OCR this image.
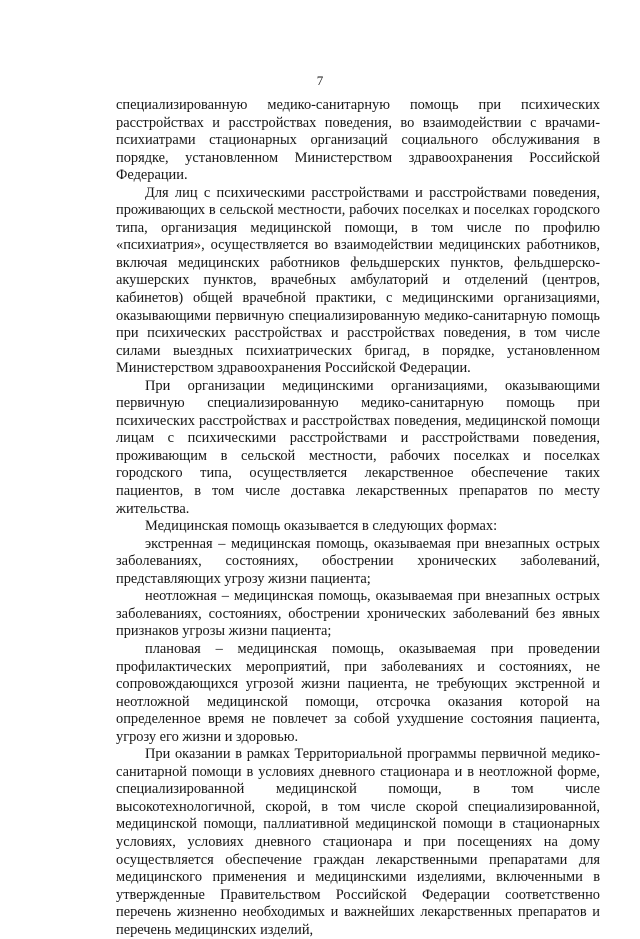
7

специализированную медико-санитарную помощь при психических расстройствах и расстройствах поведения, во взаимодействии с врачами-психиатрами стационарных организаций социального обслуживания в порядке, установленном Министерством здравоохранения Российской Федерации.

Для лиц с психическими расстройствами и расстройствами поведения, проживающих в сельской местности, рабочих поселках и поселках городского типа, организация медицинской помощи, в том числе по профилю «психиатрия», осуществляется во взаимодействии медицинских работников, включая медицинских работников фельдшерских пунктов, фельдшерско-акушерских пунктов, врачебных амбулаторий и отделений (центров, кабинетов) общей врачебной практики, с медицинскими организациями, оказывающими первичную специализированную медико-санитарную помощь при психических расстройствах и расстройствах поведения, в том числе силами выездных психиатрических бригад, в порядке, установленном Министерством здравоохранения Российской Федерации.

При организации медицинскими организациями, оказывающими первичную специализированную медико-санитарную помощь при психических расстройствах и расстройствах поведения, медицинской помощи лицам с психическими расстройствами и расстройствами поведения, проживающим в сельской местности, рабочих поселках и поселках городского типа, осуществляется лекарственное обеспечение таких пациентов, в том числе доставка лекарственных препаратов по месту жительства.

Медицинская помощь оказывается в следующих формах:

экстренная – медицинская помощь, оказываемая при внезапных острых заболеваниях, состояниях, обострении хронических заболеваний, представляющих угрозу жизни пациента;

неотложная – медицинская помощь, оказываемая при внезапных острых заболеваниях, состояниях, обострении хронических заболеваний без явных признаков угрозы жизни пациента;

плановая – медицинская помощь, оказываемая при проведении профилактических мероприятий, при заболеваниях и состояниях, не сопровождающихся угрозой жизни пациента, не требующих экстренной и неотложной медицинской помощи, отсрочка оказания которой на определенное время не повлечет за собой ухудшение состояния пациента, угрозу его жизни и здоровью.

При оказании в рамках Территориальной программы первичной медико-санитарной помощи в условиях дневного стационара и в неотложной форме, специализированной медицинской помощи, в том числе высокотехнологичной, скорой, в том числе скорой специализированной, медицинской помощи, паллиативной медицинской помощи в стационарных условиях, условиях дневного стационара и при посещениях на дому осуществляется обеспечение граждан лекарственными препаратами для медицинского применения и медицинскими изделиями, включенными в утвержденные Правительством Российской Федерации соответственно перечень жизненно необходимых и важнейших лекарственных препаратов и перечень медицинских изделий,
